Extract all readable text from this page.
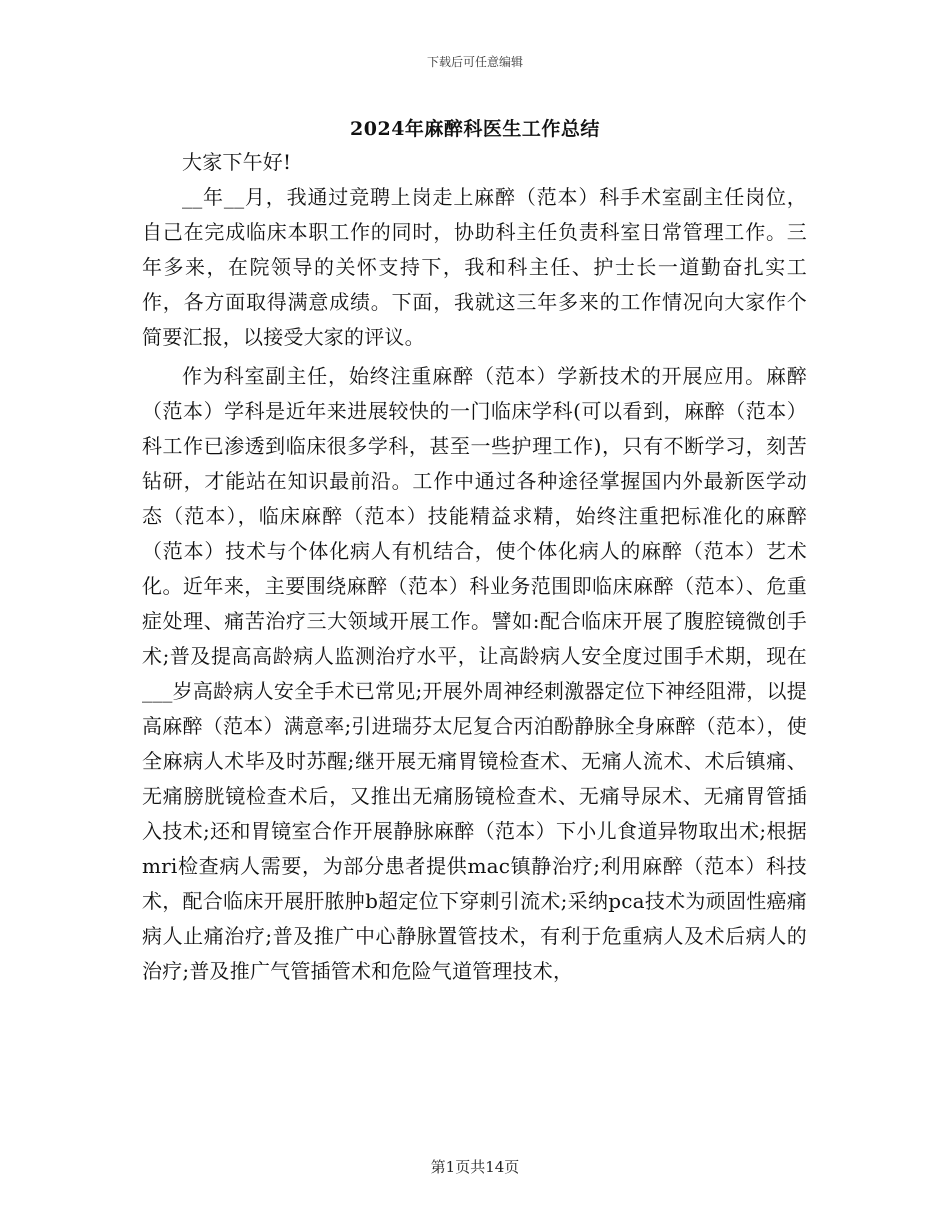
下载后可任意编辑
2024年麻醉科医生工作总结

大家下午好!

__年__月，我通过竞聘上岗走上麻醉（范本）科手术室副主任岗位，自己在完成临床本职工作的同时，协助科主任负责科室日常管理工作。三年多来，在院领导的关怀支持下，我和科主任、护士长一道勤奋扎实工作，各方面取得满意成绩。下面，我就这三年多来的工作情况向大家作个简要汇报，以接受大家的评议。

作为科室副主任，始终注重麻醉（范本）学新技术的开展应用。麻醉（范本）学科是近年来进展较快的一门临床学科(可以看到，麻醉（范本）科工作已渗透到临床很多学科，甚至一些护理工作)，只有不断学习，刻苦钻研，才能站在知识最前沿。工作中通过各种途径掌握国内外最新医学动态（范本），临床麻醉（范本）技能精益求精，始终注重把标准化的麻醉（范本）技术与个体化病人有机结合，使个体化病人的麻醉（范本）艺术化。近年来，主要围绕麻醉（范本）科业务范围即临床麻醉（范本）、危重症处理、痛苦治疗三大领域开展工作。譬如:配合临床开展了腹腔镜微创手术;普及提高高龄病人监测治疗水平，让高龄病人安全度过围手术期，现在___岁高龄病人安全手术已常见;开展外周神经刺激器定位下神经阻滞，以提高麻醉（范本）满意率;引进瑞芬太尼复合丙泊酚静脉全身麻醉（范本），使全麻病人术毕及时苏醒;继开展无痛胃镜检查术、无痛人流术、术后镇痛、无痛膀胱镜检查术后，又推出无痛肠镜检查术、无痛导尿术、无痛胃管插入技术;还和胃镜室合作开展静脉麻醉（范本）下小儿食道异物取出术;根据mri检查病人需要，为部分患者提供mac镇静治疗;利用麻醉（范本）科技术，配合临床开展肝脓肿b超定位下穿刺引流术;采纳pca技术为顽固性癌痛病人止痛治疗;普及推广中心静脉置管技术，有利于危重病人及术后病人的治疗;普及推广气管插管术和危险气道管理技术，

第1页共14页
